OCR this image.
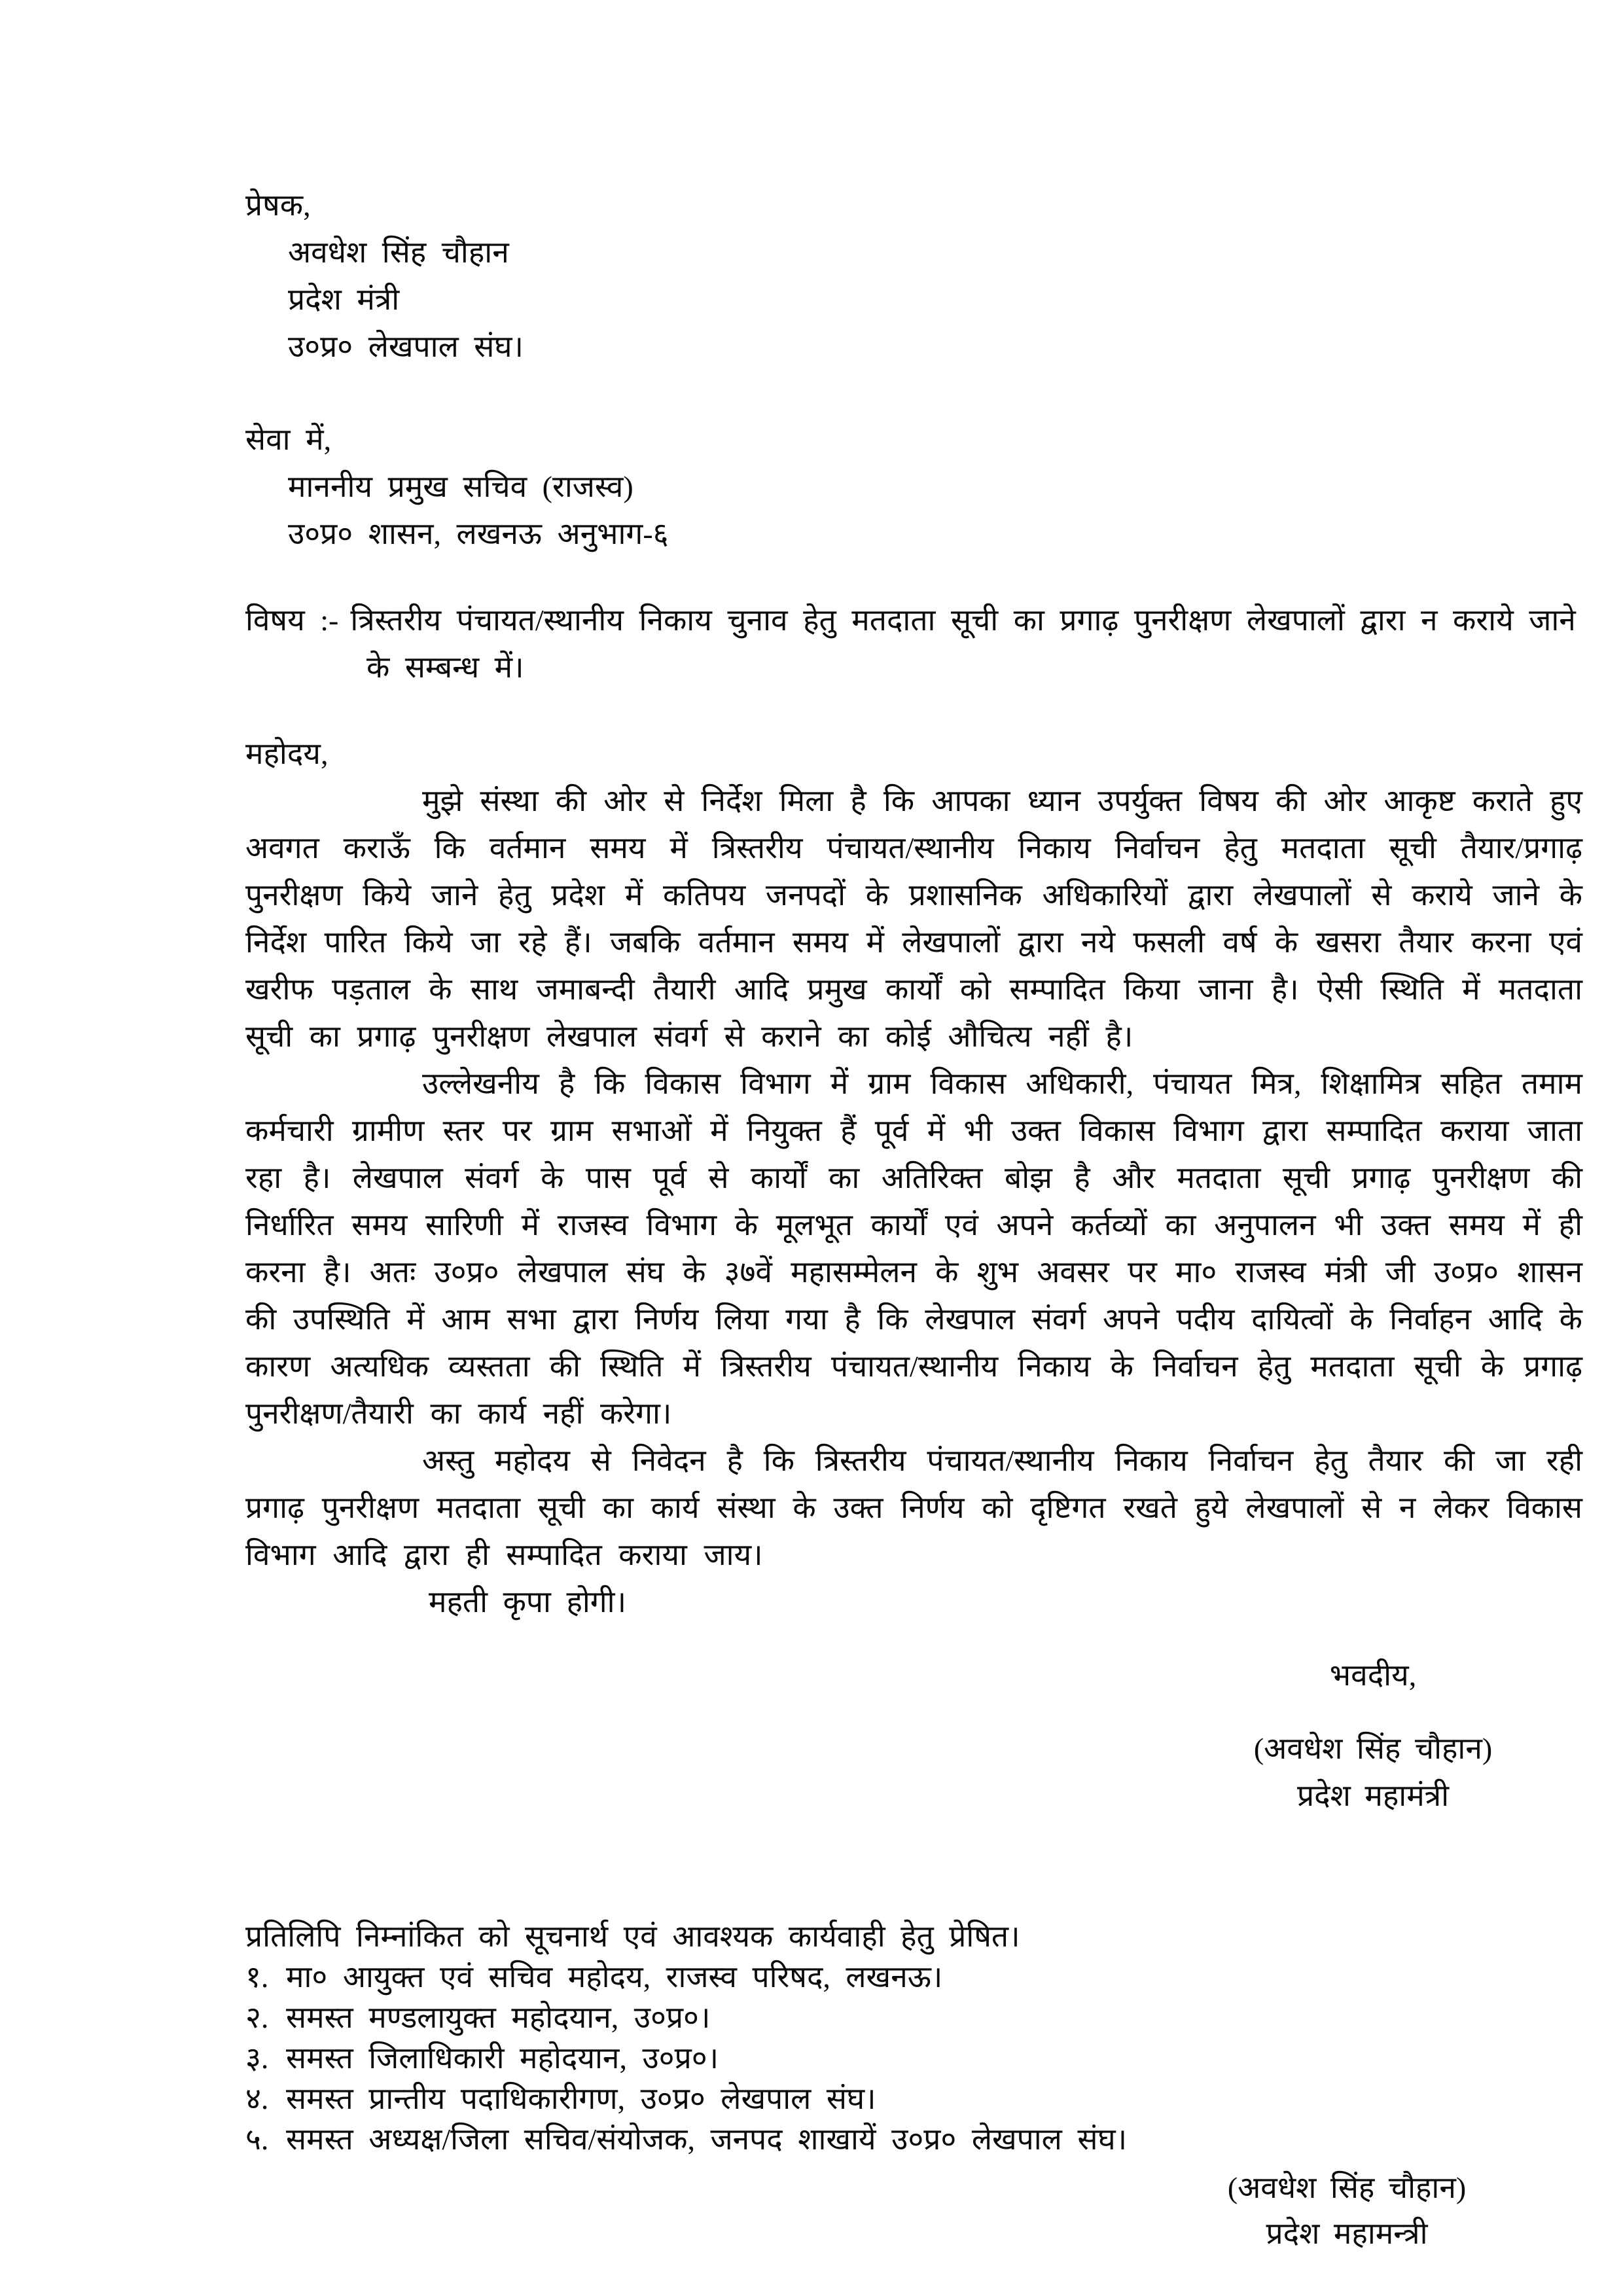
प्रेषक,
अवधेश सिंह चौहान
प्रदेश मंत्री
उ०प्र० लेखपाल संघ।
सेवा में,
माननीय प्रमुख सचिव (राजस्व)
उ०प्र० शासन, लखनऊ अनुभाग-६
विषय :- त्रिस्तरीय पंचायत/स्थानीय निकाय चुनाव हेतु मतदाता सूची का प्रगाढ़ पुनरीक्षण लेखपालों द्वारा न कराये जाने के सम्बन्ध में।
महोदय,

मुझे संस्था की ओर से निर्देश मिला है कि आपका ध्यान उपर्युक्त विषय की ओर आकृष्ट कराते हुए अवगत कराऊँ कि वर्तमान समय में त्रिस्तरीय पंचायत/स्थानीय निकाय निर्वाचन हेतु मतदाता सूची तैयार/प्रगाढ़ पुनरीक्षण किये जाने हेतु प्रदेश में कतिपय जनपदों के प्रशासनिक अधिकारियों द्वारा लेखपालों से कराये जाने के निर्देश पारित किये जा रहे हैं। जबकि वर्तमान समय में लेखपालों द्वारा नये फसली वर्ष के खसरा तैयार करना एवं खरीफ पड़ताल के साथ जमाबन्दी तैयारी आदि प्रमुख कार्यों को सम्पादित किया जाना है। ऐसी स्थिति में मतदाता सूची का प्रगाढ़ पुनरीक्षण लेखपाल संवर्ग से कराने का कोई औचित्य नहीं है।

उल्लेखनीय है कि विकास विभाग में ग्राम विकास अधिकारी, पंचायत मित्र, शिक्षामित्र सहित तमाम कर्मचारी ग्रामीण स्तर पर ग्राम सभाओं में नियुक्त हैं पूर्व में भी उक्त विकास विभाग द्वारा सम्पादित कराया जाता रहा है। लेखपाल संवर्ग के पास पूर्व से कार्यों का अतिरिक्त बोझ है और मतदाता सूची प्रगाढ़ पुनरीक्षण की निर्धारित समय सारिणी में राजस्व विभाग के मूलभूत कार्यों एवं अपने कर्तव्यों का अनुपालन भी उक्त समय में ही करना है। अतः उ०प्र० लेखपाल संघ के ३७वें महासम्मेलन के शुभ अवसर पर मा० राजस्व मंत्री जी उ०प्र० शासन की उपस्थिति में आम सभा द्वारा निर्णय लिया गया है कि लेखपाल संवर्ग अपने पदीय दायित्वों के निर्वाहन आदि के कारण अत्यधिक व्यस्तता की स्थिति में त्रिस्तरीय पंचायत/स्थानीय निकाय के निर्वाचन हेतु मतदाता सूची के प्रगाढ़ पुनरीक्षण/तैयारी का कार्य नहीं करेगा।

अस्तु महोदय से निवेदन है कि त्रिस्तरीय पंचायत/स्थानीय निकाय निर्वाचन हेतु तैयार की जा रही प्रगाढ़ पुनरीक्षण मतदाता सूची का कार्य संस्था के उक्त निर्णय को दृष्टिगत रखते हुये लेखपालों से न लेकर विकास विभाग आदि द्वारा ही सम्पादित कराया जाय।

महती कृपा होगी।
भवदीय,
(अवधेश सिंह चौहान)
प्रदेश महामंत्री
प्रतिलिपि निम्नांकित को सूचनार्थ एवं आवश्यक कार्यवाही हेतु प्रेषित।
१. मा० आयुक्त एवं सचिव महोदय, राजस्व परिषद, लखनऊ।
२. समस्त मण्डलायुक्त महोदयान, उ०प्र०।
३. समस्त जिलाधिकारी महोदयान, उ०प्र०।
४. समस्त प्रान्तीय पदाधिकारीगण, उ०प्र० लेखपाल संघ।
५. समस्त अध्यक्ष/जिला सचिव/संयोजक, जनपद शाखायें उ०प्र० लेखपाल संघ।
(अवधेश सिंह चौहान)
प्रदेश महामन्त्री
